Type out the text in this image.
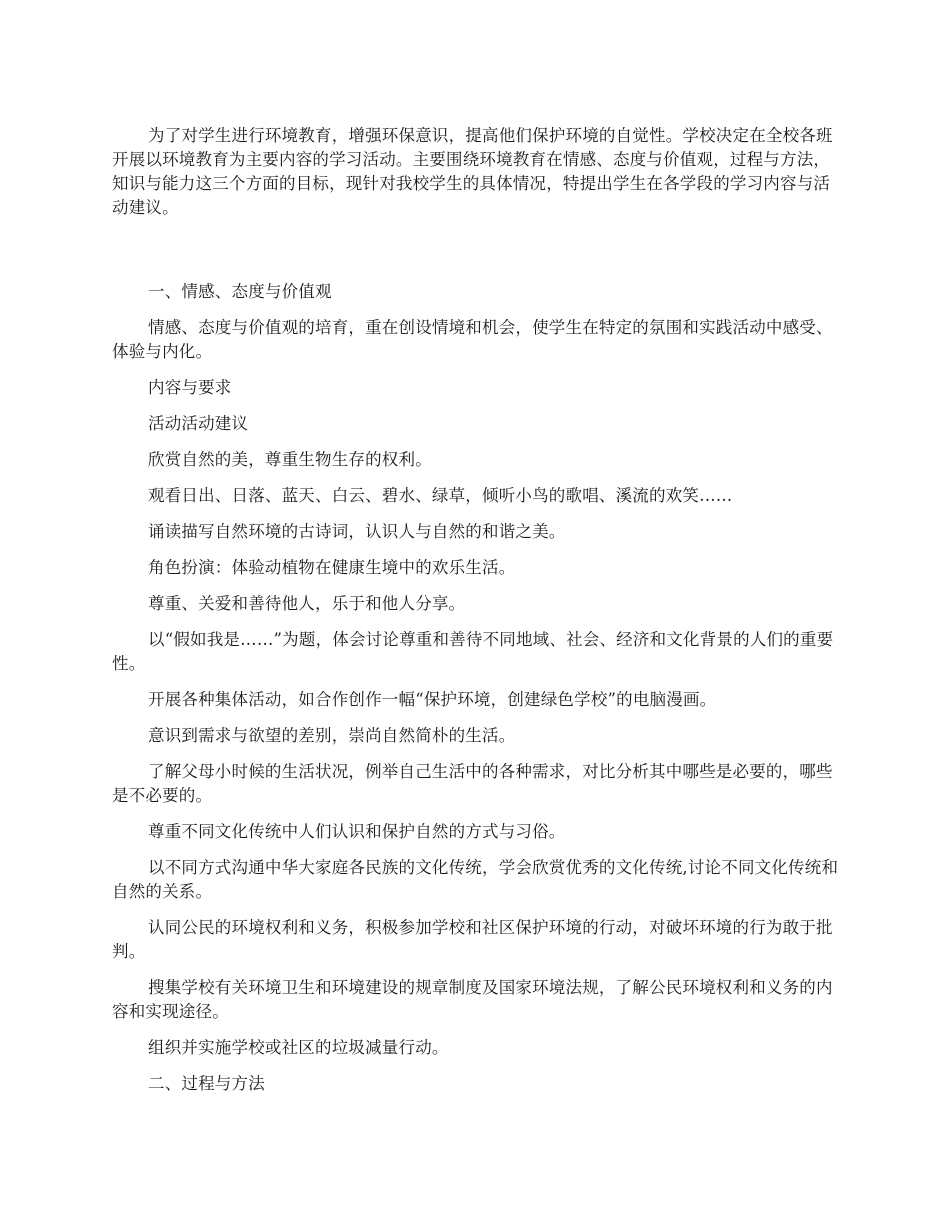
为了对学生进行环境教育，增强环保意识，提高他们保护环境的自觉性。学校决定在全校各班开展以环境教育为主要内容的学习活动。主要围绕环境教育在情感、态度与价值观，过程与方法，知识与能力这三个方面的目标，现针对我校学生的具体情况，特提出学生在各学段的学习内容与活动建议。

一、情感、态度与价值观

情感、态度与价值观的培育，重在创设情境和机会，使学生在特定的氛围和实践活动中感受、体验与内化。

内容与要求

活动活动建议

欣赏自然的美，尊重生物生存的权利。

观看日出、日落、蓝天、白云、碧水、绿草，倾听小鸟的歌唱、溪流的欢笑……

诵读描写自然环境的古诗词，认识人与自然的和谐之美。

角色扮演：体验动植物在健康生境中的欢乐生活。

尊重、关爱和善待他人，乐于和他人分享。

以“假如我是……”为题，体会讨论尊重和善待不同地域、社会、经济和文化背景的人们的重要性。

开展各种集体活动，如合作创作一幅“保护环境，创建绿色学校”的电脑漫画。

意识到需求与欲望的差别，崇尚自然简朴的生活。

了解父母小时候的生活状况，例举自己生活中的各种需求，对比分析其中哪些是必要的，哪些是不必要的。

尊重不同文化传统中人们认识和保护自然的方式与习俗。

以不同方式沟通中华大家庭各民族的文化传统，学会欣赏优秀的文化传统,讨论不同文化传统和自然的关系。

认同公民的环境权利和义务，积极参加学校和社区保护环境的行动，对破坏环境的行为敢于批判。

搜集学校有关环境卫生和环境建设的规章制度及国家环境法规，了解公民环境权利和义务的内容和实现途径。

组织并实施学校或社区的垃圾减量行动。

二、过程与方法
